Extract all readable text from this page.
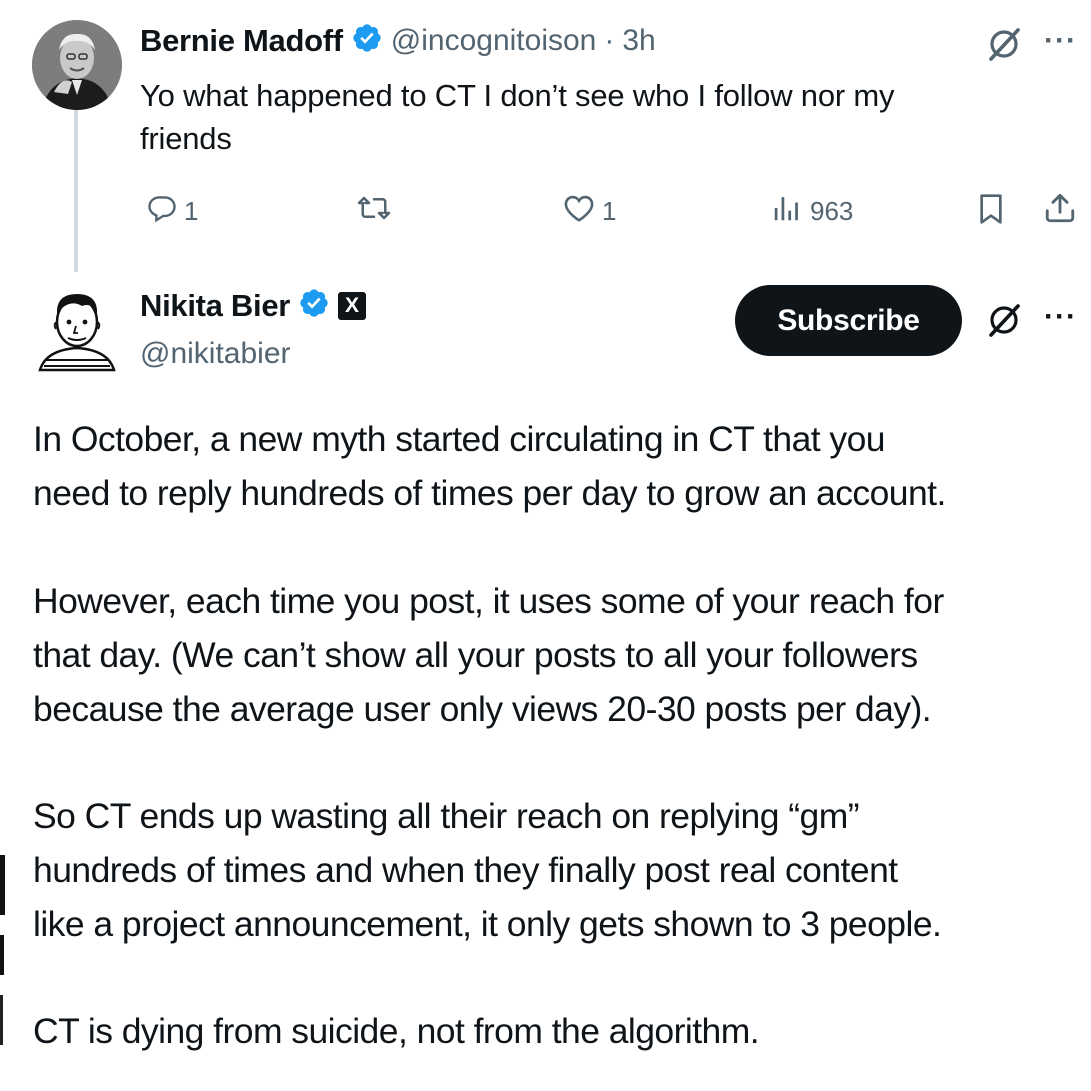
Bernie Madoff @incognitoison · 3h	···
Yo what happened to CT I don’t see who I follow nor my
friends
1	1	963
Nikita Bier	X
@nikitabier
Subscribe	···

In October, a new myth started circulating in CT that you

need to reply hundreds of times per day to grow an account.

However, each time you post, it uses some of your reach for

that day. (We can’t show all your posts to all your followers

because the average user only views 20-30 posts per day).

So CT ends up wasting all their reach on replying “gm”

hundreds of times and when they finally post real content

like a project announcement, it only gets shown to 3 people.

CT is dying from suicide, not from the algorithm.
